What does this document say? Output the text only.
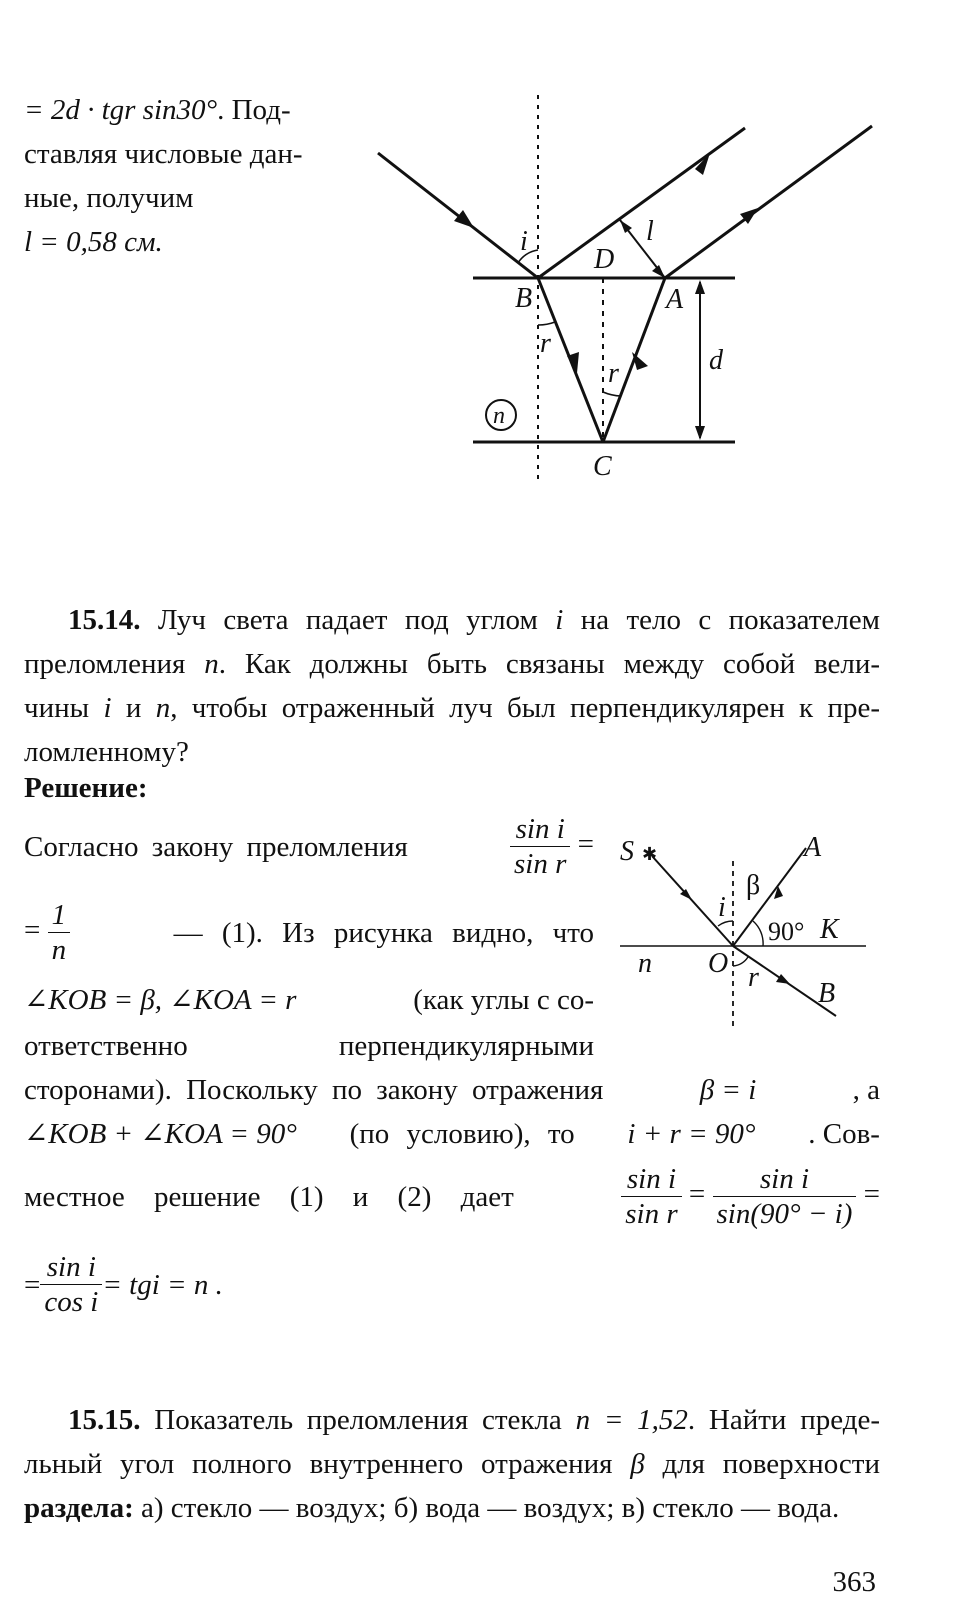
= 2d · tgr sin30°. Под-
ставляя числовые дан-
ные, получим
l = 0,58 см.	i
D
l
B	A
r
r	d
n
C
15.14. Луч света падает под углом i на тело с показателем
преломления n. Как должны быть связаны между собой вели-
чины i и n, чтобы отраженный луч был перпендикулярен к пре-
ломленному?
Решение:
Согласно закону преломления	$\frac{\text{sin i}}{\text{sin r}}$ =
= $\frac{1}{n}$	— (1). Из рисунка видно, что
∠KOB = β, ∠KOA = r	(как углы с со-
ответственно	перпендикулярными
сторонами). Поскольку по закону отражения	β = i	, а
∠KOB + ∠KOA = 90° (по условию), то i + r = 90° . Сов-
местное решение (1) и (2) дает	$\frac{\text{sin i}}{\text{sin r}} = \frac{\text{sin i}}{\sin(90^\circ - i)}$ =
= $\frac{\text{sin i}}{\text{cos i}}$ = tgi = n .
S ✱	A
β
i
90° K
n O r
B
15.15. Показатель преломления стекла n = 1,52. Найти преде-
льный угол полного внутреннего отражения β для поверхности
раздела: а) стекло — воздух; б) вода — воздух; в) стекло — вода.
363
